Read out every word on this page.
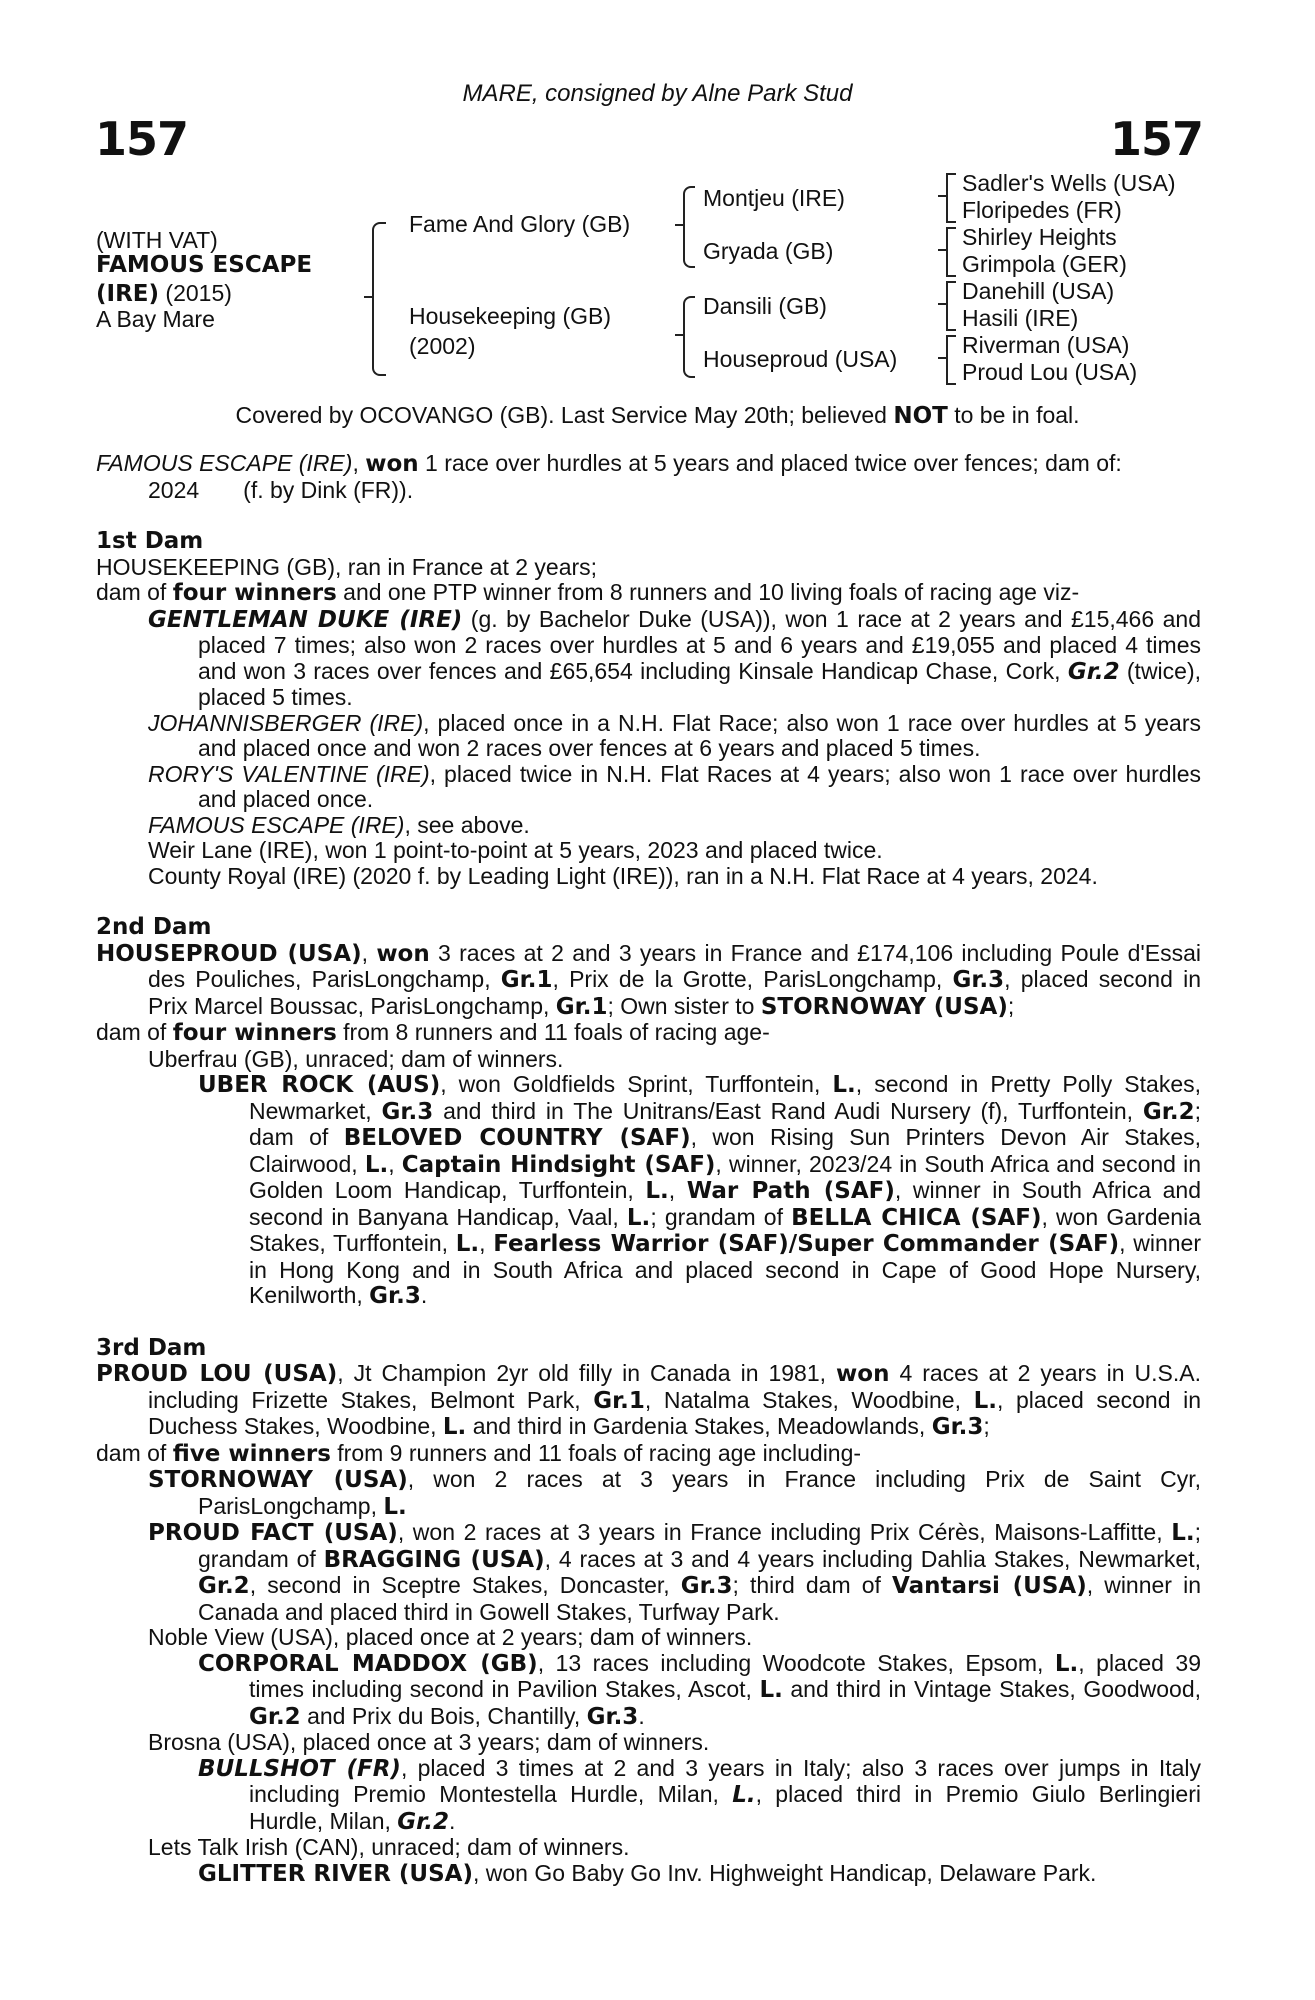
157	157
MARE, consigned by Alne Park Stud
(WITH VAT)
FAMOUS ESCAPE
(IRE) (2015)
A Bay Mare
Fame And Glory (GB)
Housekeeping (GB)
(2002)
Montjeu (IRE)
Gryada (GB)
Dansili (GB)
Houseproud (USA)
Sadler's Wells (USA)
Floripedes (FR)
Shirley Heights
Grimpola (GER)
Danehill (USA)
Hasili (IRE)
Riverman (USA)
Proud Lou (USA)
Covered by OCOVANGO (GB). Last Service May 20th; believed NOT to be in foal.

FAMOUS ESCAPE (IRE), won 1 race over hurdles at 5 years and placed twice over fences; dam of:

2024 (f. by Dink (FR)).

1st Dam

HOUSEKEEPING (GB), ran in France at 2 years;

dam of four winners and one PTP winner from 8 runners and 10 living foals of racing age viz-

GENTLEMAN DUKE (IRE) (g. by Bachelor Duke (USA)), won 1 race at 2 years and £15,466 and placed 7 times; also won 2 races over hurdles at 5 and 6 years and £19,055 and placed 4 times and won 3 races over fences and £65,654 including Kinsale Handicap Chase, Cork, Gr.2 (twice), placed 5 times.

JOHANNISBERGER (IRE), placed once in a N.H. Flat Race; also won 1 race over hurdles at 5 years and placed once and won 2 races over fences at 6 years and placed 5 times.

RORY'S VALENTINE (IRE), placed twice in N.H. Flat Races at 4 years; also won 1 race over hurdles and placed once.

FAMOUS ESCAPE (IRE), see above.

Weir Lane (IRE), won 1 point-to-point at 5 years, 2023 and placed twice.

County Royal (IRE) (2020 f. by Leading Light (IRE)), ran in a N.H. Flat Race at 4 years, 2024.

2nd Dam

HOUSEPROUD (USA), won 3 races at 2 and 3 years in France and £174,106 including Poule d'Essai des Pouliches, ParisLongchamp, Gr.1, Prix de la Grotte, ParisLongchamp, Gr.3, placed second in Prix Marcel Boussac, ParisLongchamp, Gr.1; Own sister to STORNOWAY (USA);

dam of four winners from 8 runners and 11 foals of racing age-

Uberfrau (GB), unraced; dam of winners.

UBER ROCK (AUS), won Goldfields Sprint, Turffontein, L., second in Pretty Polly Stakes, Newmarket, Gr.3 and third in The Unitrans/East Rand Audi Nursery (f), Turffontein, Gr.2; dam of BELOVED COUNTRY (SAF), won Rising Sun Printers Devon Air Stakes, Clairwood, L., Captain Hindsight (SAF), winner, 2023/24 in South Africa and second in Golden Loom Handicap, Turffontein, L., War Path (SAF), winner in South Africa and second in Banyana Handicap, Vaal, L.; grandam of BELLA CHICA (SAF), won Gardenia Stakes, Turffontein, L., Fearless Warrior (SAF)/Super Commander (SAF), winner in Hong Kong and in South Africa and placed second in Cape of Good Hope Nursery, Kenilworth, Gr.3.

3rd Dam

PROUD LOU (USA), Jt Champion 2yr old filly in Canada in 1981, won 4 races at 2 years in U.S.A. including Frizette Stakes, Belmont Park, Gr.1, Natalma Stakes, Woodbine, L., placed second in Duchess Stakes, Woodbine, L. and third in Gardenia Stakes, Meadowlands, Gr.3;

dam of five winners from 9 runners and 11 foals of racing age including-

STORNOWAY (USA), won 2 races at 3 years in France including Prix de Saint Cyr, ParisLongchamp, L.

PROUD FACT (USA), won 2 races at 3 years in France including Prix Cérès, Maisons-Laffitte, L.; grandam of BRAGGING (USA), 4 races at 3 and 4 years including Dahlia Stakes, Newmarket, Gr.2, second in Sceptre Stakes, Doncaster, Gr.3; third dam of Vantarsi (USA), winner in Canada and placed third in Gowell Stakes, Turfway Park.

Noble View (USA), placed once at 2 years; dam of winners.

CORPORAL MADDOX (GB), 13 races including Woodcote Stakes, Epsom, L., placed 39 times including second in Pavilion Stakes, Ascot, L. and third in Vintage Stakes, Goodwood, Gr.2 and Prix du Bois, Chantilly, Gr.3.

Brosna (USA), placed once at 3 years; dam of winners.

BULLSHOT (FR), placed 3 times at 2 and 3 years in Italy; also 3 races over jumps in Italy including Premio Montestella Hurdle, Milan, L., placed third in Premio Giulo Berlingieri Hurdle, Milan, Gr.2.

Lets Talk Irish (CAN), unraced; dam of winners.

GLITTER RIVER (USA), won Go Baby Go Inv. Highweight Handicap, Delaware Park.
